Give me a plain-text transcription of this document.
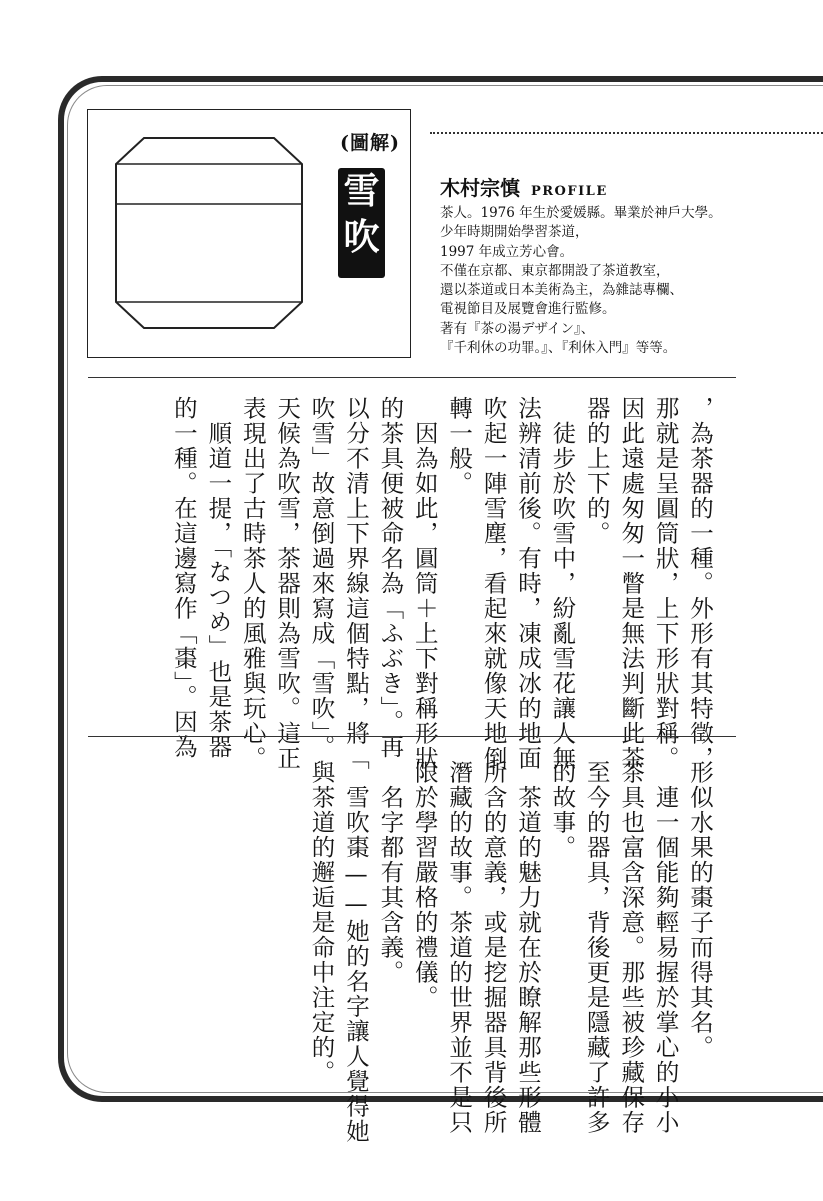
(圖解)
雪
吹
木村宗慎 PROFILE
茶人。1976 年生於愛媛縣。畢業於神戶大學。
少年時期開始學習茶道，
1997 年成立芳心會。
不僅在京都、東京都開設了茶道教室，
還以茶道或日本美術為主，為雜誌專欄、
電視節目及展覽會進行監修。
著有『茶の湯デザイン』、
『千利休の功罪。』、『利休入門』等等。
，為茶器的一種。外形有其特徵，
那就是呈圓筒狀，上下形狀對稱。
因此遠處匆匆一瞥是無法判斷此茶
器的上下的。
　徒步於吹雪中，紛亂雪花讓人無
法辨清前後。有時，凍成冰的地面
吹起一陣雪塵，看起來就像天地倒
轉一般。
　因為如此，圓筒＋上下對稱形狀
的茶具便被命名為「ふぶき」。再
以分不清上下界線這個特點，將「
吹雪」故意倒過來寫成「雪吹」。
天候為吹雪，茶器則為雪吹。這正
表現出了古時茶人的風雅與玩心。
　順道一提，「なつめ」也是茶器
的一種。在這邊寫作「棗」。因為
形似水果的棗子而得其名。
　連一個能夠輕易握於掌心的小小
茶具也富含深意。那些被珍藏保存
至今的器具，背後更是隱藏了許多
的故事。
　茶道的魅力就在於瞭解那些形體
所含的意義，或是挖掘器具背後所
潛藏的故事。茶道的世界並不是只
限於學習嚴格的禮儀。
　名字都有其含義。
　雪吹棗——她的名字讓人覺得她
與茶道的邂逅是命中注定的。
